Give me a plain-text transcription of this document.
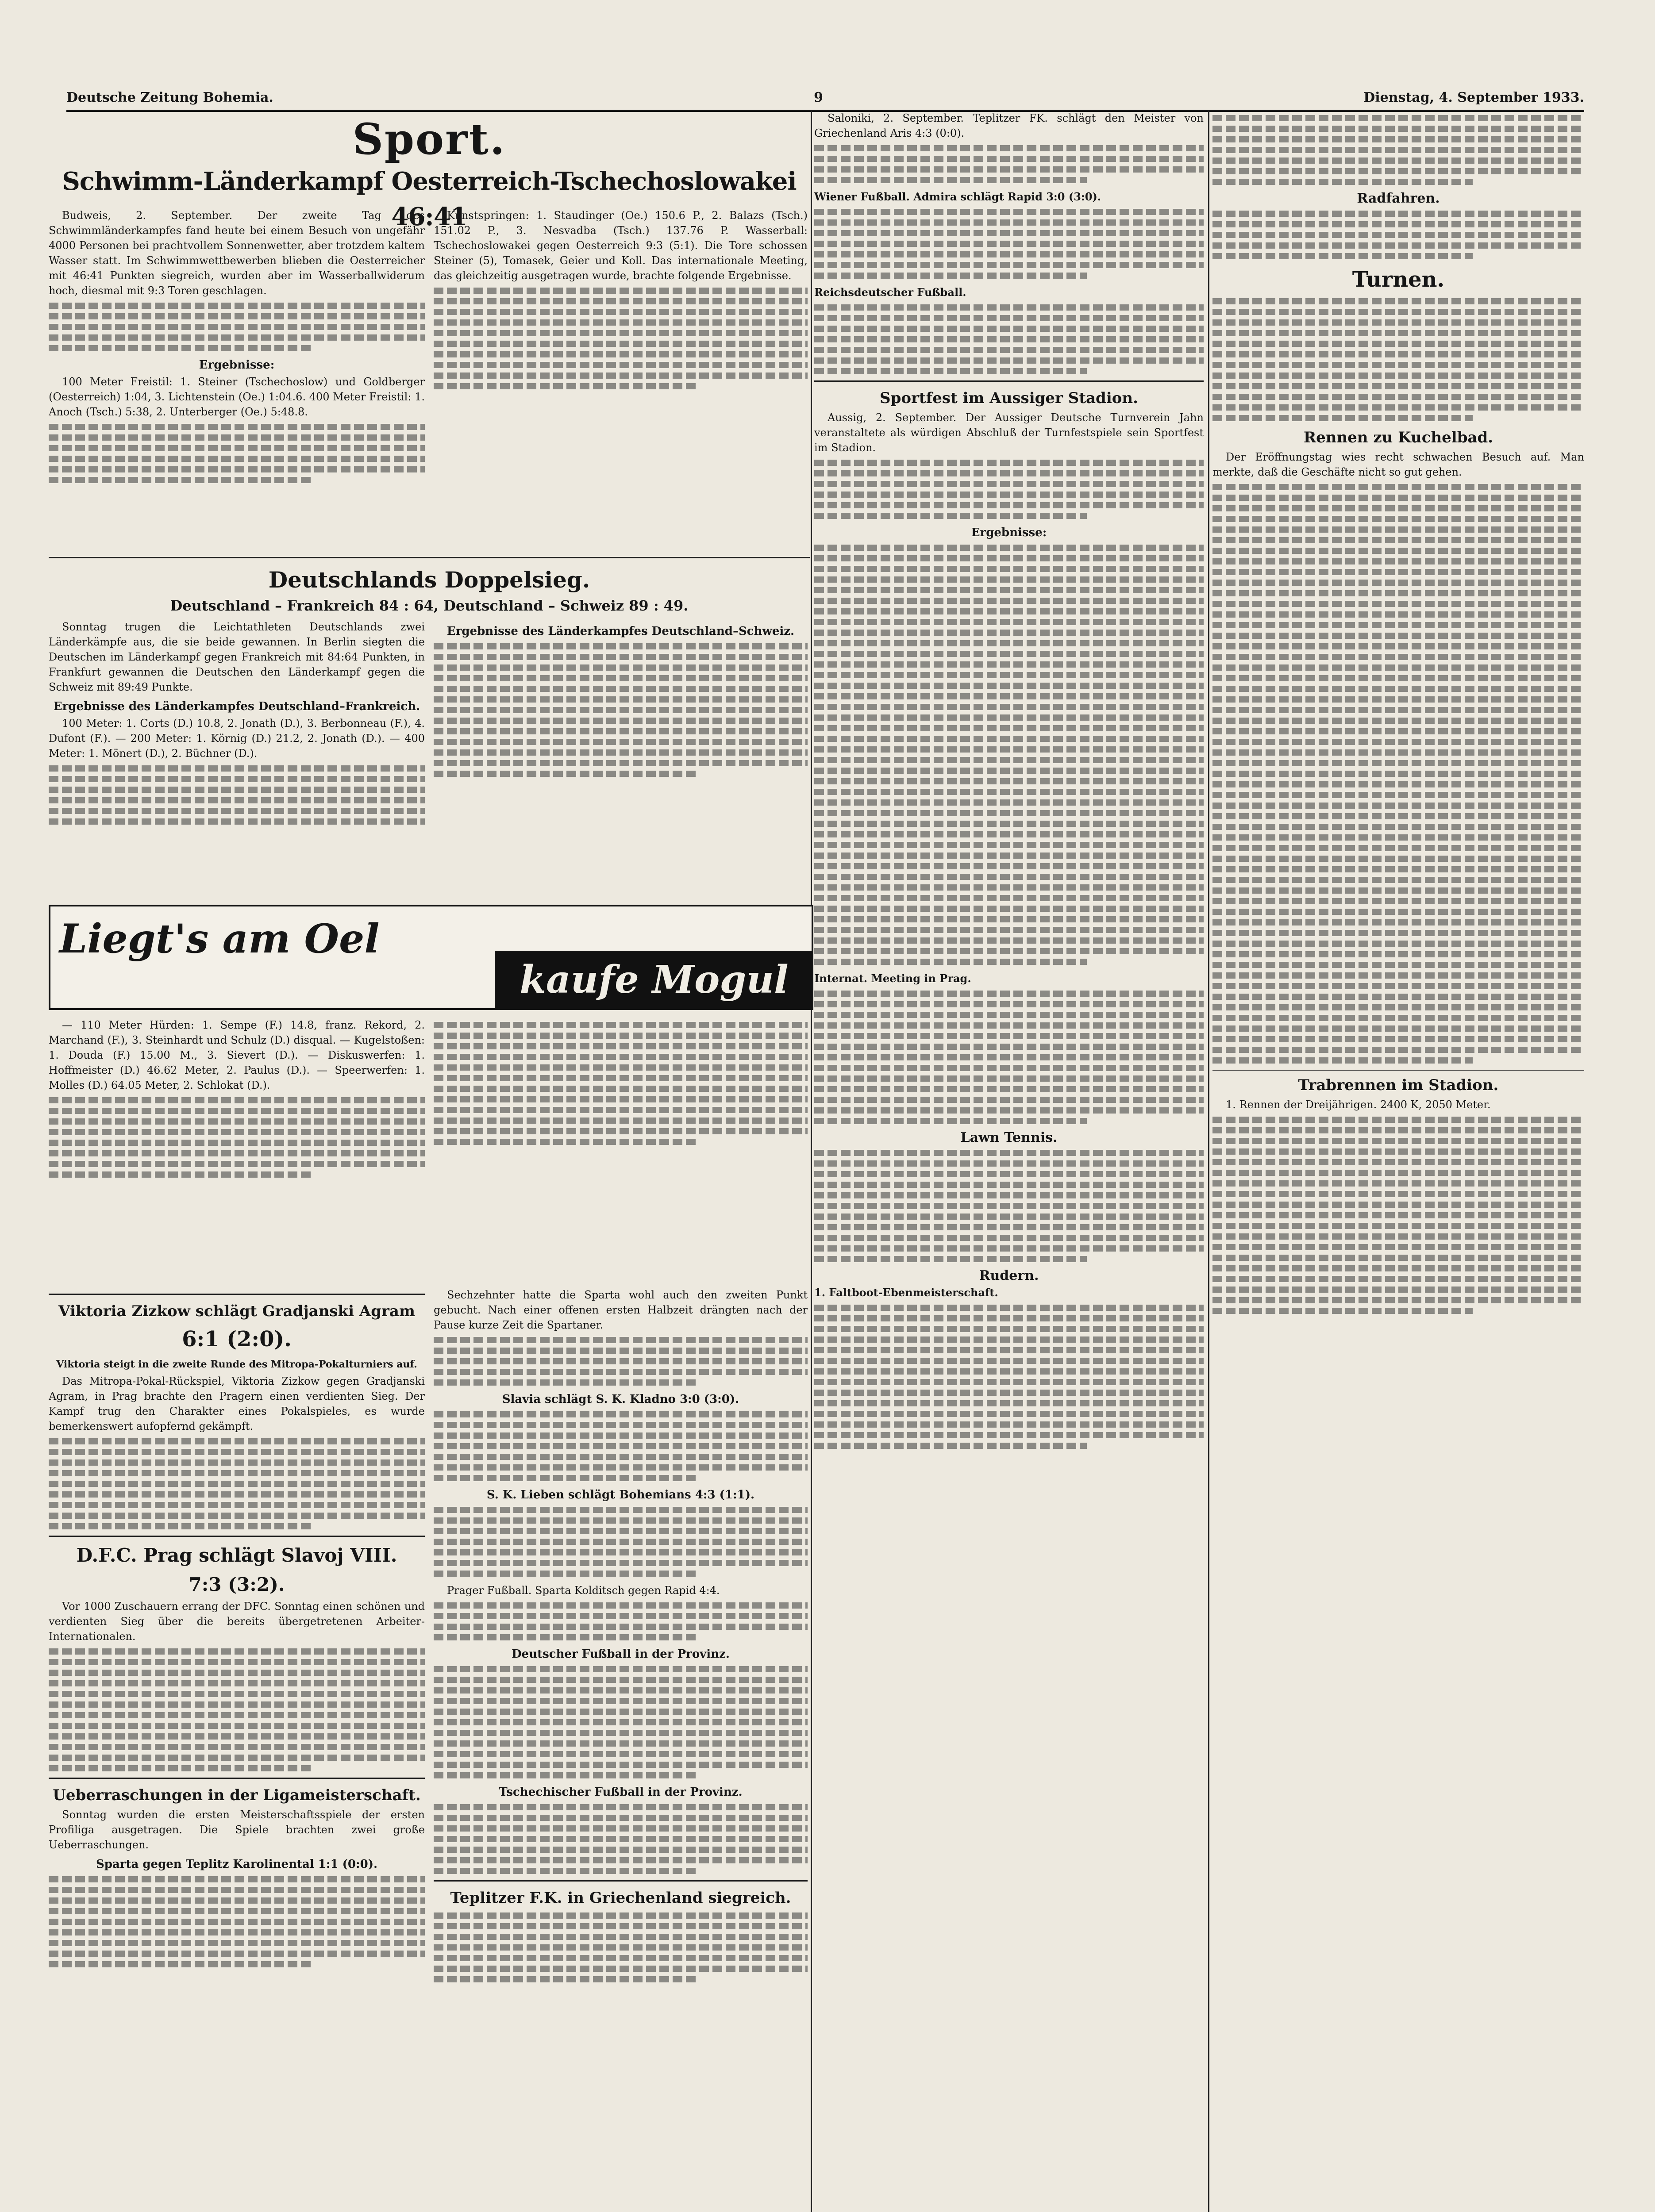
Deutsche Zeitung Bohemia.	9	Dienstag, 4. September 1933.
Sport.
Schwimm-Länderkampf Oesterreich-Tschechoslowakei 46:41

Budweis, 2. September. Der zweite Tag des Schwimmländerkampfes fand heute bei einem Besuch von ungefähr 4000 Personen bei prachtvollem Sonnenwetter, aber trotzdem kaltem Wasser statt. Im Schwimmwettbewerben blieben die Oesterreicher mit 46:41 Punkten siegreich, wurden aber im Wasserballwiderum hoch, diesmal mit 9:3 Toren geschlagen.

Ergebnisse:

100 Meter Freistil: 1. Steiner (Tschechoslow) und Goldberger (Oesterreich) 1:04, 3. Lichtenstein (Oe.) 1:04.6. 400 Meter Freistil: 1. Anoch (Tsch.) 5:38, 2. Unterberger (Oe.) 5:48.8.

Kunstspringen: 1. Staudinger (Oe.) 150.6 P., 2. Balazs (Tsch.) 151.02 P., 3. Nesvadba (Tsch.) 137.76 P. Wasserball: Tschechoslowakei gegen Oesterreich 9:3 (5:1). Die Tore schossen Steiner (5), Tomasek, Geier und Koll. Das internationale Meeting, das gleichzeitig ausgetragen wurde, brachte folgende Ergebnisse.

Deutschlands Doppelsieg.
Deutschland – Frankreich 84 : 64, Deutschland – Schweiz 89 : 49.

Sonntag trugen die Leichtathleten Deutschlands zwei Länderkämpfe aus, die sie beide gewannen. In Berlin siegten die Deutschen im Länderkampf gegen Frankreich mit 84:64 Punkten, in Frankfurt gewannen die Deutschen den Länderkampf gegen die Schweiz mit 89:49 Punkte.

Ergebnisse des Länderkampfes Deutschland–Frankreich.

100 Meter: 1. Corts (D.) 10.8, 2. Jonath (D.), 3. Berbonneau (F.), 4. Dufont (F.). — 200 Meter: 1. Körnig (D.) 21.2, 2. Jonath (D.). — 400 Meter: 1. Mönert (D.), 2. Büchner (D.).

Ergebnisse des Länderkampfes Deutschland–Schweiz.
Liegt's am Oel
kaufe Mogul

— 110 Meter Hürden: 1. Sempe (F.) 14.8, franz. Rekord, 2. Marchand (F.), 3. Steinhardt und Schulz (D.) disqual. — Kugelstoßen: 1. Douda (F.) 15.00 M., 3. Sievert (D.). — Diskuswerfen: 1. Hoffmeister (D.) 46.62 Meter, 2. Paulus (D.). — Speerwerfen: 1. Molles (D.) 64.05 Meter, 2. Schlokat (D.).

Viktoria Zizkow schlägt Gradjanski Agram
6:1 (2:0).
Viktoria steigt in die zweite Runde des Mitropa-Pokalturniers auf.

Das Mitropa-Pokal-Rückspiel, Viktoria Zizkow gegen Gradjanski Agram, in Prag brachte den Pragern einen verdienten Sieg. Der Kampf trug den Charakter eines Pokalspieles, es wurde bemerkenswert aufopfernd gekämpft.

D.F.C. Prag schlägt Slavoj VIII.
7:3 (3:2).

Vor 1000 Zuschauern errang der DFC. Sonntag einen schönen und verdienten Sieg über die bereits übergetretenen Arbeiter-Internationalen.

Ueberraschungen in der Ligameisterschaft.

Sonntag wurden die ersten Meisterschaftsspiele der ersten Profiliga ausgetragen. Die Spiele brachten zwei große Ueberraschungen.

Sparta gegen Teplitz Karolinental 1:1 (0:0).

Sechzehnter hatte die Sparta wohl auch den zweiten Punkt gebucht. Nach einer offenen ersten Halbzeit drängten nach der Pause kurze Zeit die Spartaner.

Slavia schlägt S. K. Kladno 3:0 (3:0).
S. K. Lieben schlägt Bohemians 4:3 (1:1).

Prager Fußball. Sparta Kolditsch gegen Rapid 4:4.

Deutscher Fußball in der Provinz.
Tschechischer Fußball in der Provinz.
Teplitzer F.K. in Griechenland siegreich.

Saloniki, 2. September. Teplitzer FK. schlägt den Meister von Griechenland Aris 4:3 (0:0).

Wiener Fußball. Admira schlägt Rapid 3:0 (3:0).
Reichsdeutscher Fußball.
Sportfest im Aussiger Stadion.

Aussig, 2. September. Der Aussiger Deutsche Turnverein Jahn veranstaltete als würdigen Abschluß der Turnfestspiele sein Sportfest im Stadion.

Ergebnisse:
Internat. Meeting in Prag.
Lawn Tennis.
Rudern.
1. Faltboot-Ebenmeisterschaft.
Radfahren.
Turnen.
Rennen zu Kuchelbad.

Der Eröffnungstag wies recht schwachen Besuch auf. Man merkte, daß die Geschäfte nicht so gut gehen.

Trabrennen im Stadion.

1. Rennen der Dreijährigen. 2400 K, 2050 Meter.
